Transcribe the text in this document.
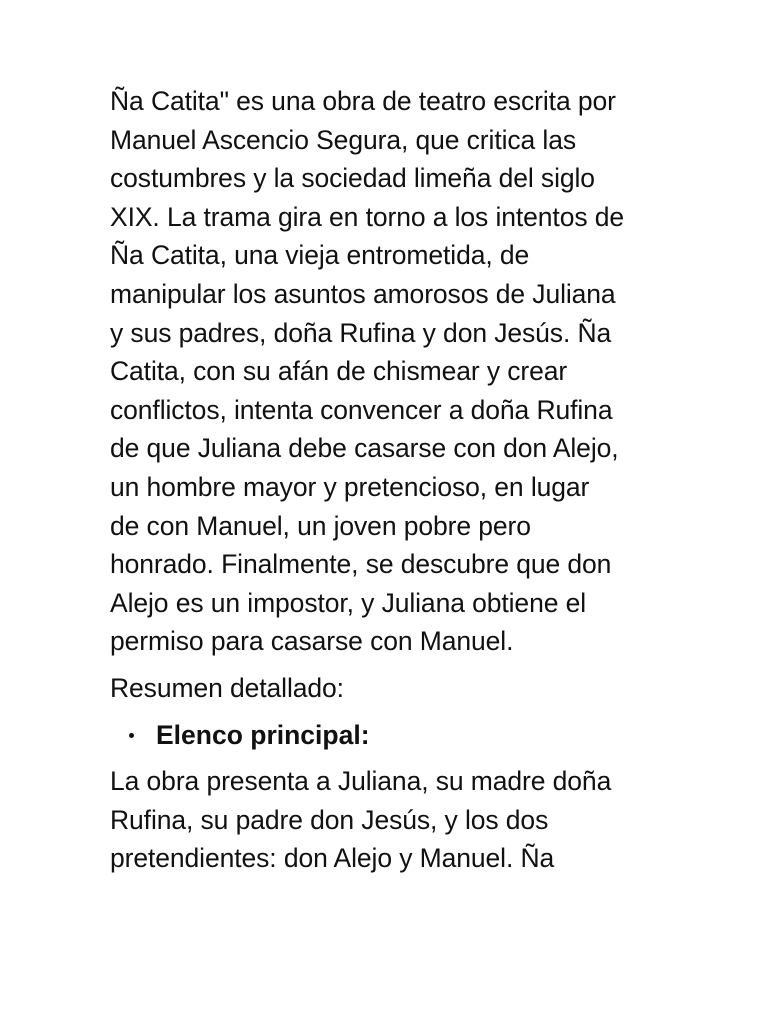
Ña Catita" es una obra de teatro escrita por
Manuel Ascencio Segura, que critica las
costumbres y la sociedad limeña del siglo
XIX. La trama gira en torno a los intentos de
Ña Catita, una vieja entrometida, de
manipular los asuntos amorosos de Juliana
y sus padres, doña Rufina y don Jesús. Ña
Catita, con su afán de chismear y crear
conflictos, intenta convencer a doña Rufina
de que Juliana debe casarse con don Alejo,
un hombre mayor y pretencioso, en lugar
de con Manuel, un joven pobre pero
honrado. Finalmente, se descubre que don
Alejo es un impostor, y Juliana obtiene el
permiso para casarse con Manuel.

Resumen detallado:

Elenco principal:

La obra presenta a Juliana, su madre doña
Rufina, su padre don Jesús, y los dos
pretendientes: don Alejo y Manuel. Ña
